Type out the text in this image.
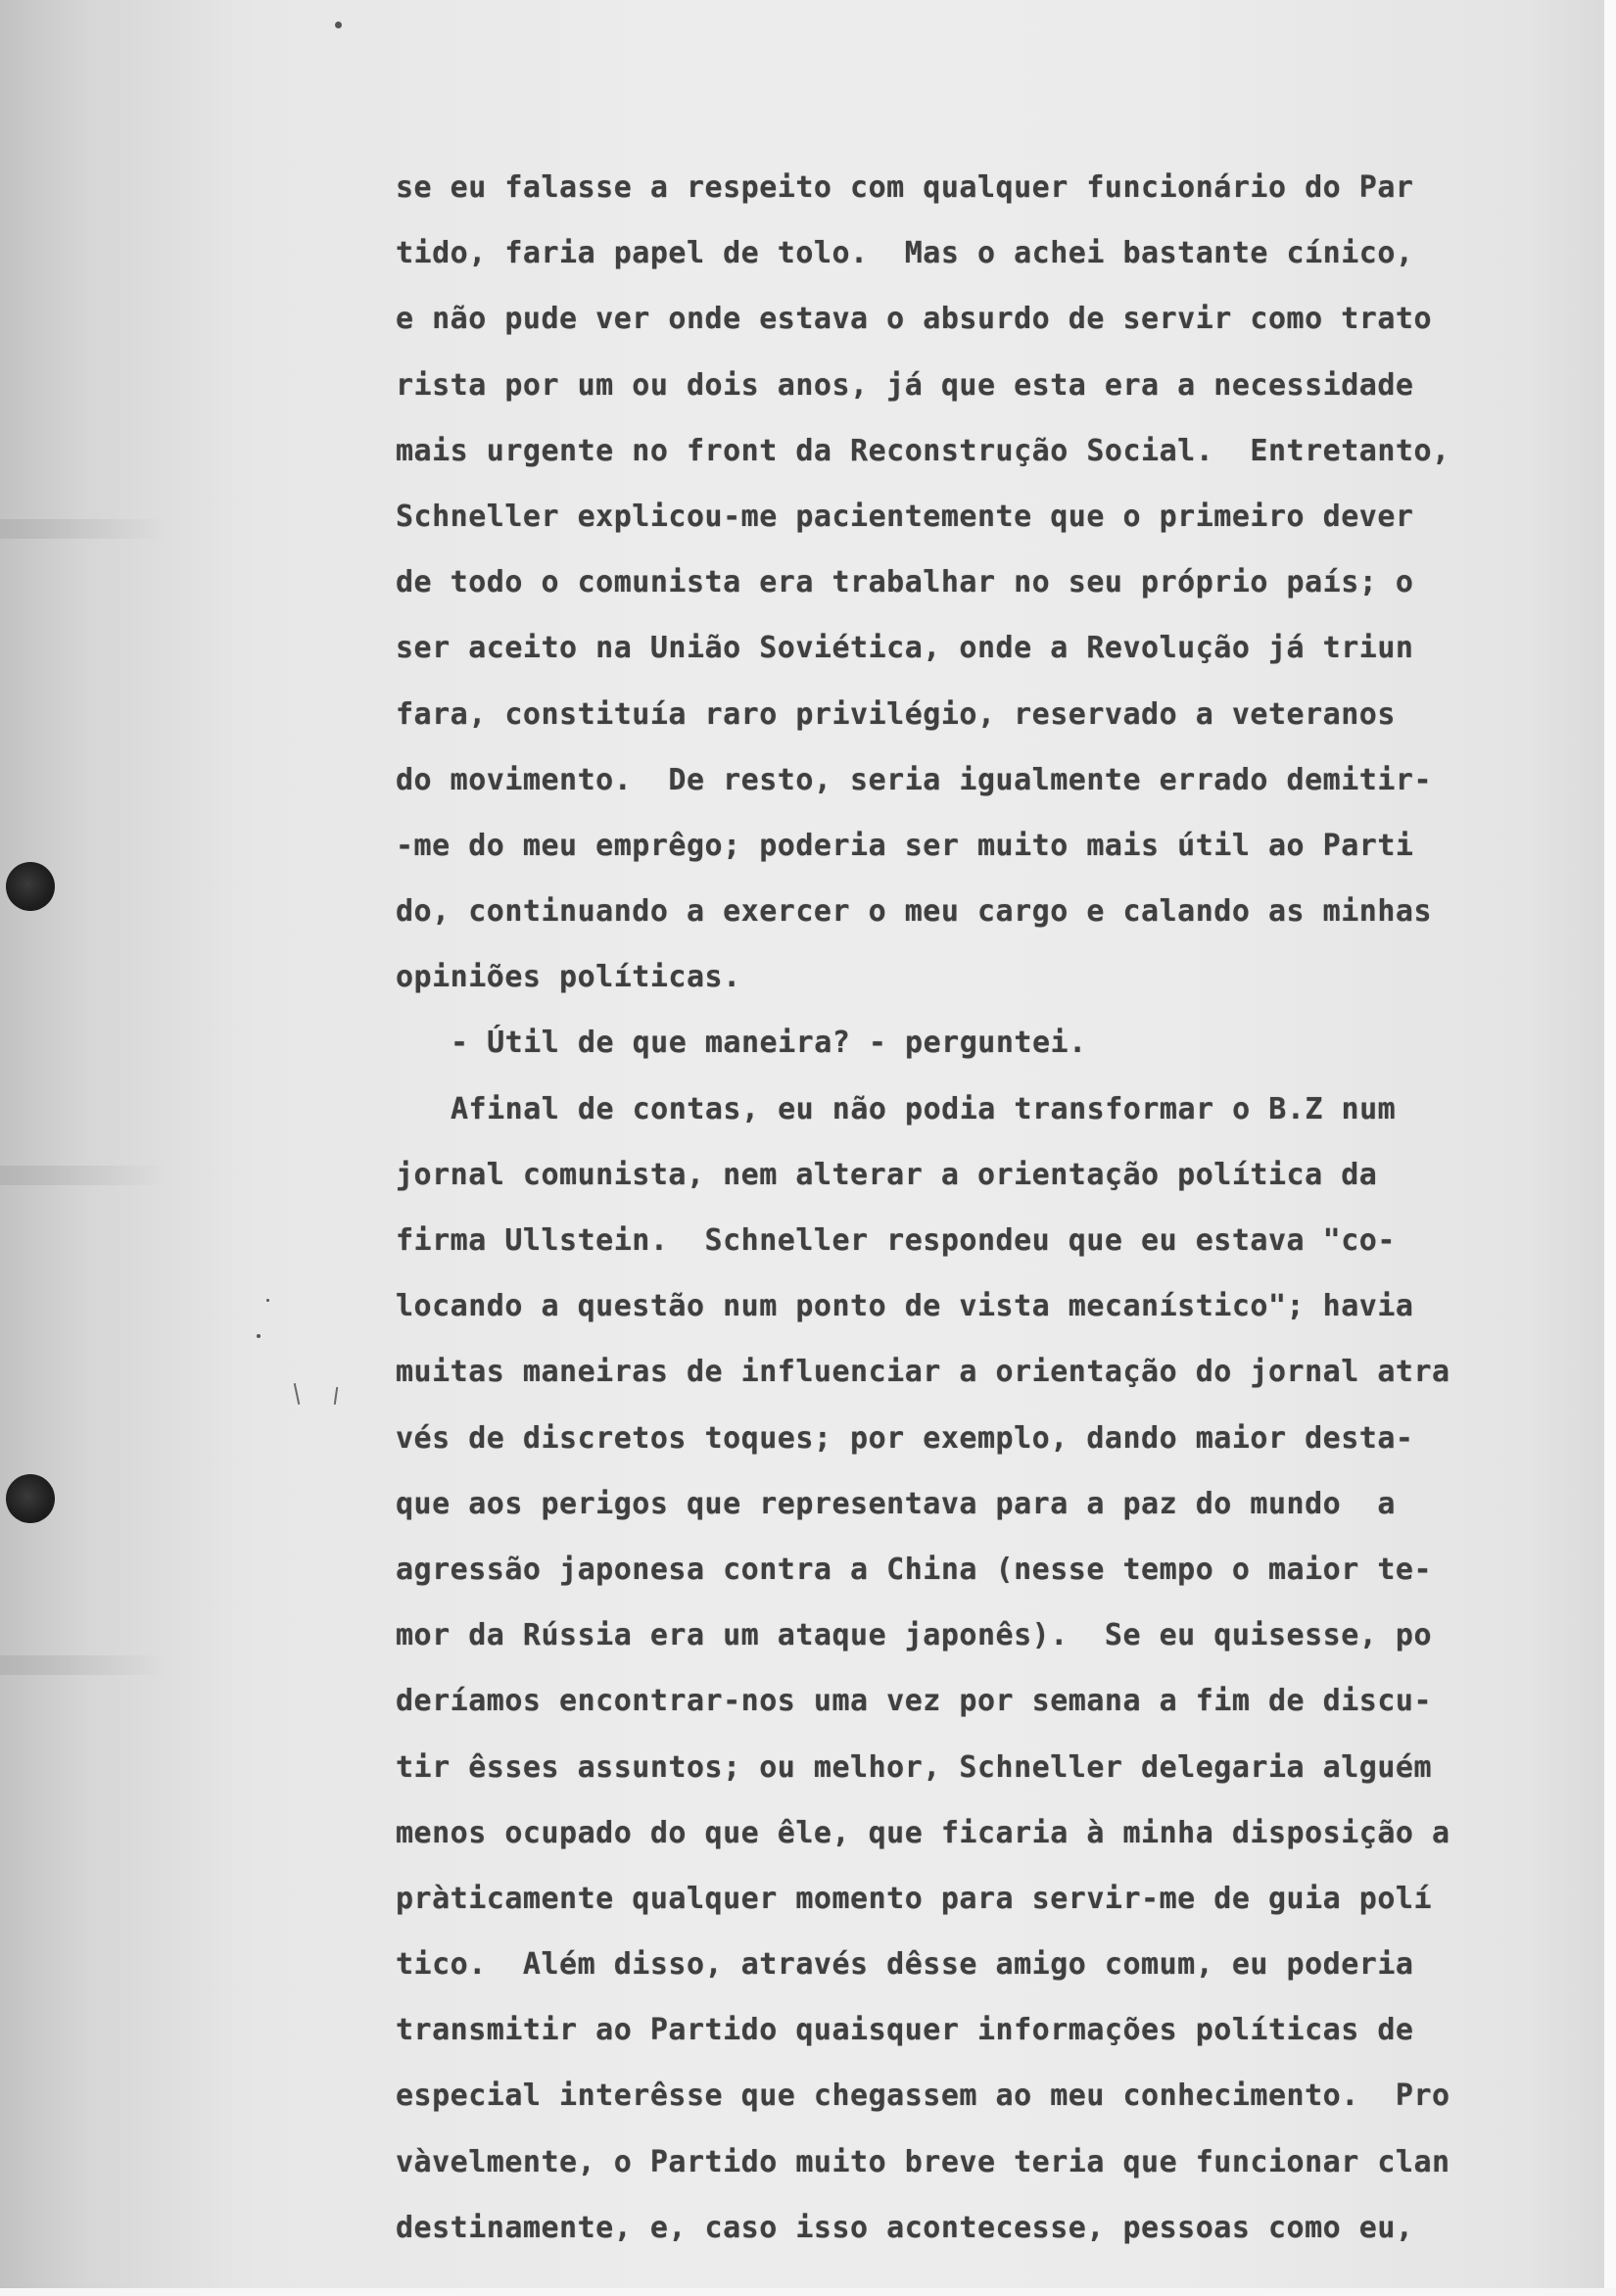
se eu falasse a respeito com qualquer funcionário do Par

tido, faria papel de tolo.  Mas o achei bastante cínico,

e não pude ver onde estava o absurdo de servir como trato

rista por um ou dois anos, já que esta era a necessidade

mais urgente no front da Reconstrução Social.  Entretanto,

Schneller explicou-me pacientemente que o primeiro dever

de todo o comunista era trabalhar no seu próprio país; o

ser aceito na União Soviética, onde a Revolução já triun

fara, constituía raro privilégio, reservado a veteranos

do movimento.  De resto, seria igualmente errado demitir-

-me do meu emprêgo; poderia ser muito mais útil ao Parti

do, continuando a exercer o meu cargo e calando as minhas

opiniões políticas.

- Útil de que maneira? - perguntei.

Afinal de contas, eu não podia transformar o B.Z num

jornal comunista, nem alterar a orientação política da

firma Ullstein.  Schneller respondeu que eu estava "co-

locando a questão num ponto de vista mecanístico"; havia

muitas maneiras de influenciar a orientação do jornal atra

vés de discretos toques; por exemplo, dando maior desta-

que aos perigos que representava para a paz do mundo  a

agressão japonesa contra a China (nesse tempo o maior te-

mor da Rússia era um ataque japonês).  Se eu quisesse, po

deríamos encontrar-nos uma vez por semana a fim de discu-

tir êsses assuntos; ou melhor, Schneller delegaria alguém

menos ocupado do que êle, que ficaria à minha disposição a

pràticamente qualquer momento para servir-me de guia polí

tico.  Além disso, através dêsse amigo comum, eu poderia

transmitir ao Partido quaisquer informações políticas de

especial interêsse que chegassem ao meu conhecimento.  Pro

vàvelmente, o Partido muito breve teria que funcionar clan

destinamente, e, caso isso acontecesse, pessoas como eu,
